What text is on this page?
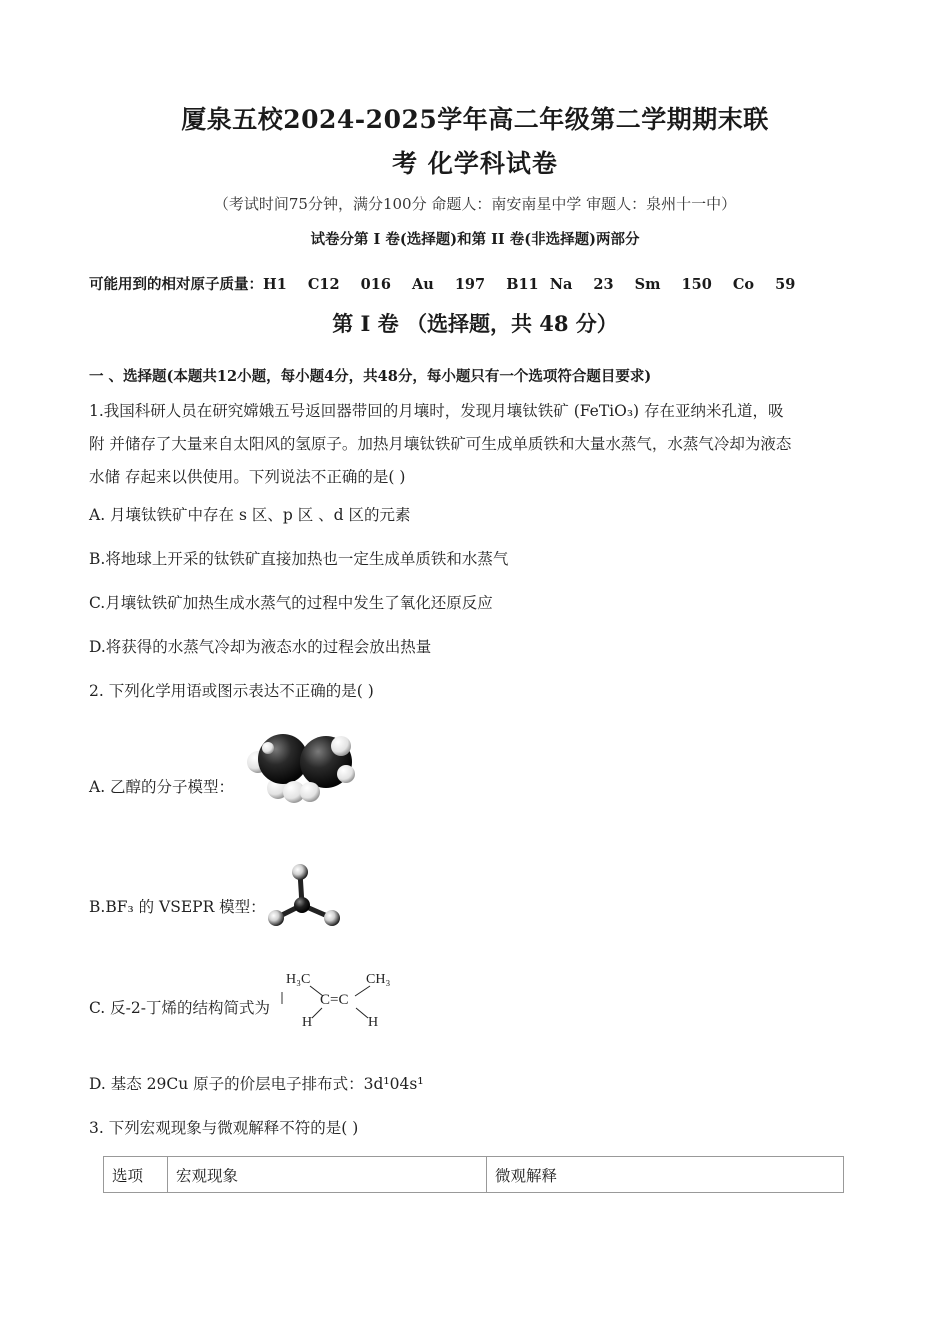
厦泉五校2024-2025学年高二年级第二学期期末联
考 化学科试卷
（考试时间75分钟，满分100分 命题人：南安南星中学 审题人：泉州十一中）
试卷分第 I 卷(选择题)和第 II 卷(非选择题)两部分
可能用到的相对原子质量：H1 C12 016 Au 197 B11 Na 23 Sm 150 Co 59
第 I 卷 （选择题，共 48 分）
一 、选择题(本题共12小题，每小题4分，共48分，每小题只有一个选项符合题目要求)

1.我国科研人员在研究嫦娥五号返回器带回的月壤时，发现月壤钛铁矿 (FeTiO₃) 存在亚纳米孔道，吸

附 并储存了大量来自太阳风的氢原子。加热月壤钛铁矿可生成单质铁和大量水蒸气，水蒸气冷却为液态

水储 存起来以供使用。下列说法不正确的是( )

A. 月壤钛铁矿中存在 s 区、p 区 、d 区的元素
B.将地球上开采的钛铁矿直接加热也一定生成单质铁和水蒸气
C.月壤钛铁矿加热生成水蒸气的过程中发生了氧化还原反应
D.将获得的水蒸气冷却为液态水的过程会放出热量
2. 下列化学用语或图示表达不正确的是( )
A. 乙醇的分子模型：
B.BF₃ 的 VSEPR 模型：
C. 反-2-丁烯的结构简式为
H₃C	CH₃
C=C
H	H
D. 基态 29Cu 原子的价层电子排布式：3d¹04s¹
3. 下列宏观现象与微观解释不符的是( )
选项	宏观现象	微观解释
